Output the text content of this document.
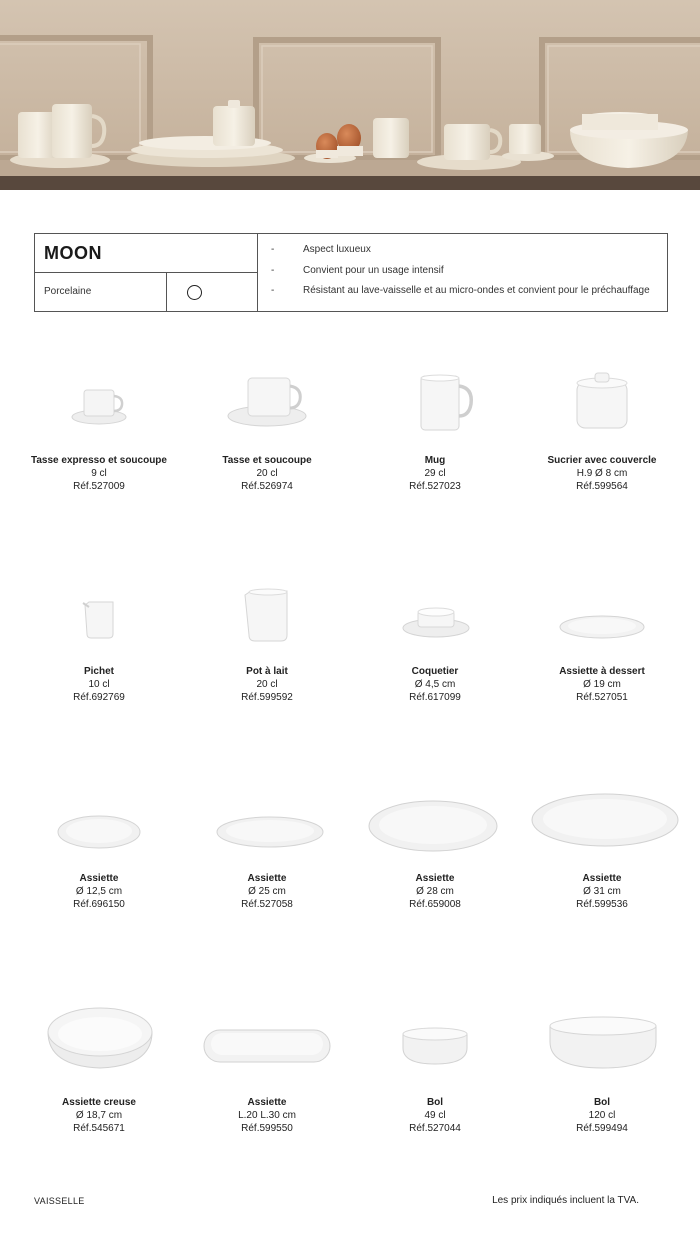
MOON
Porcelaine
-	Aspect luxueux
-	Convient pour un usage intensif
-	Résistant au lave-vaisselle et au micro-ondes et convient pour le préchauffage
Tasse expresso et soucoupe
9 cl
Réf.527009
Tasse et soucoupe
20 cl
Réf.526974
Mug
29 cl
Réf.527023
Sucrier avec couvercle
H.9 Ø 8 cm
Réf.599564
Pichet
10 cl
Réf.692769
Pot à lait
20 cl
Réf.599592
Coquetier
Ø 4,5 cm
Réf.617099
Assiette à dessert
Ø 19 cm
Réf.527051
Assiette
Ø 12,5 cm
Réf.696150
Assiette
Ø 25 cm
Réf.527058
Assiette
Ø 28 cm
Réf.659008
Assiette
Ø 31 cm
Réf.599536
Assiette creuse
Ø 18,7 cm
Réf.545671
Assiette
L.20 L.30 cm
Réf.599550
Bol
49 cl
Réf.527044
Bol
120 cl
Réf.599494
VAISSELLE	Les prix indiqués incluent la TVA.
